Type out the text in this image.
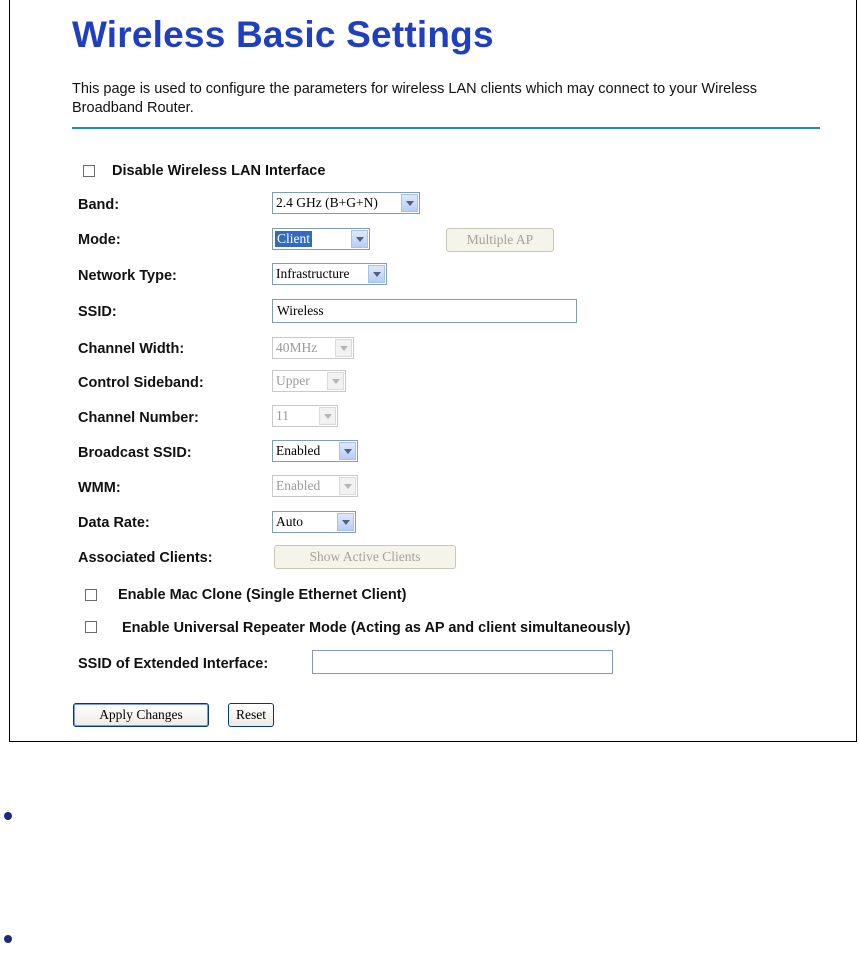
Wireless Basic Settings
This page is used to configure the parameters for wireless LAN clients which may connect to your Wireless Broadband Router.
Disable Wireless LAN Interface
Band:	2.4 GHz (B+G+N)
Mode:	Client	Multiple AP
Network Type:	Infrastructure
SSID:	Wireless
Channel Width:	40MHz
Control Sideband:	Upper
Channel Number:	11
Broadcast SSID:	Enabled
WMM:	Enabled
Data Rate:	Auto
Associated Clients:	Show Active Clients
Enable Mac Clone (Single Ethernet Client)
Enable Universal Repeater Mode (Acting as AP and client simultaneously)
SSID of Extended Interface:
Apply Changes	Reset
